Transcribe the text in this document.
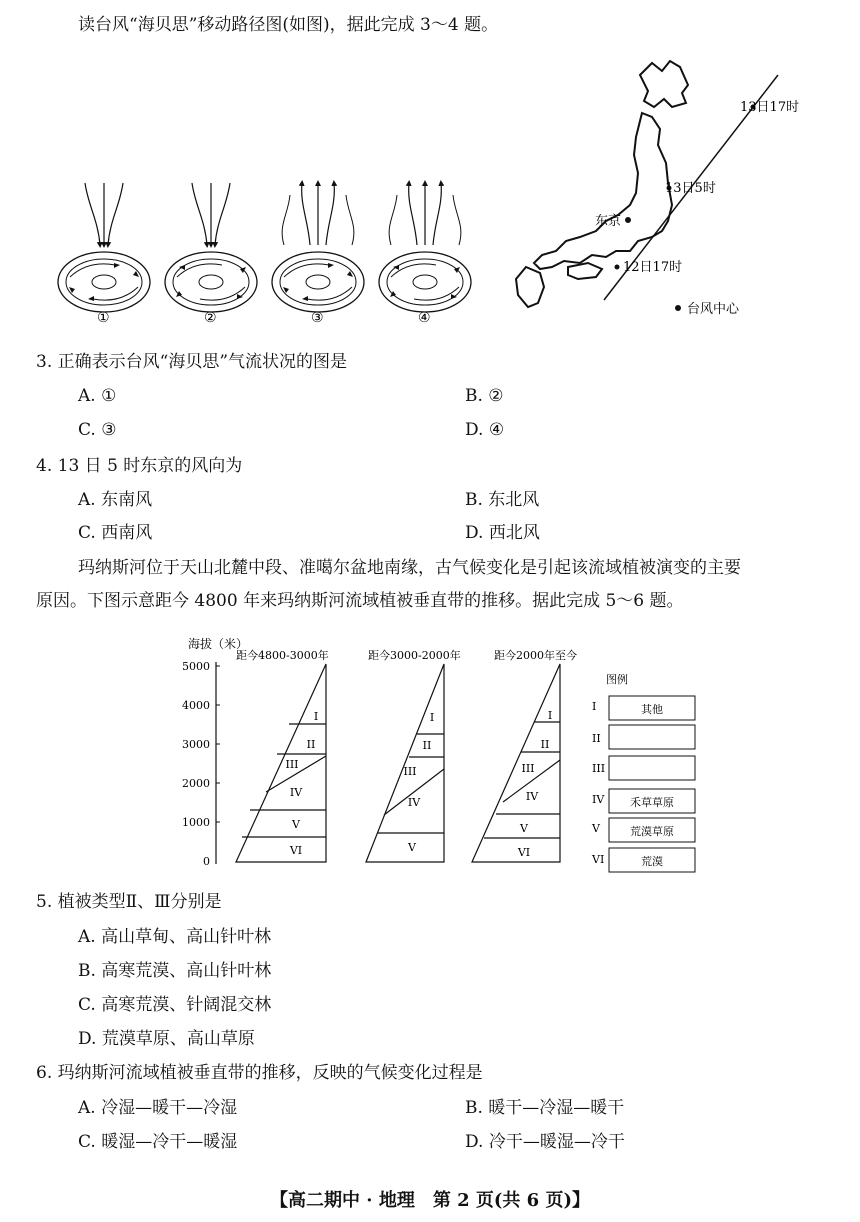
读台风“海贝思”移动路径图(如图)，据此完成 3～4 题。
①	②	③	④
13日17时
13日5时
12日17时
东京
台风中心
3. 正确表示台风“海贝思”气流状况的图是
A. ①	B. ②
C. ③	D. ④
4. 13 日 5 时东京的风向为
A. 东南风	B. 东北风
C. 西南风	D. 西北风
玛纳斯河位于天山北麓中段、准噶尔盆地南缘，古气候变化是引起该流域植被演变的主要
原因。下图示意距今 4800 年来玛纳斯河流域植被垂直带的推移。据此完成 5～6 题。
海拔（米）
5000
4000
3000
2000
1000
0
距今4800-3000年	距今3000-2000年	距今2000年至今
I
II
III
IV
V
VI
I
II
III
IV
V
I
II
III
IV
V
VI
图例
I	其他
II
III
IV 禾草草原
V	荒漠草原
VI	荒漠
5. 植被类型Ⅱ、Ⅲ分别是
A. 高山草甸、高山针叶林
B. 高寒荒漠、高山针叶林
C. 高寒荒漠、针阔混交林
D. 荒漠草原、高山草原
6. 玛纳斯河流域植被垂直带的推移，反映的气候变化过程是
A. 冷湿—暖干—冷湿	B. 暖干—冷湿—暖干
C. 暖湿—冷干—暖湿	D. 冷干—暖湿—冷干
【高二期中 · 地理　第 2 页(共 6 页)】
